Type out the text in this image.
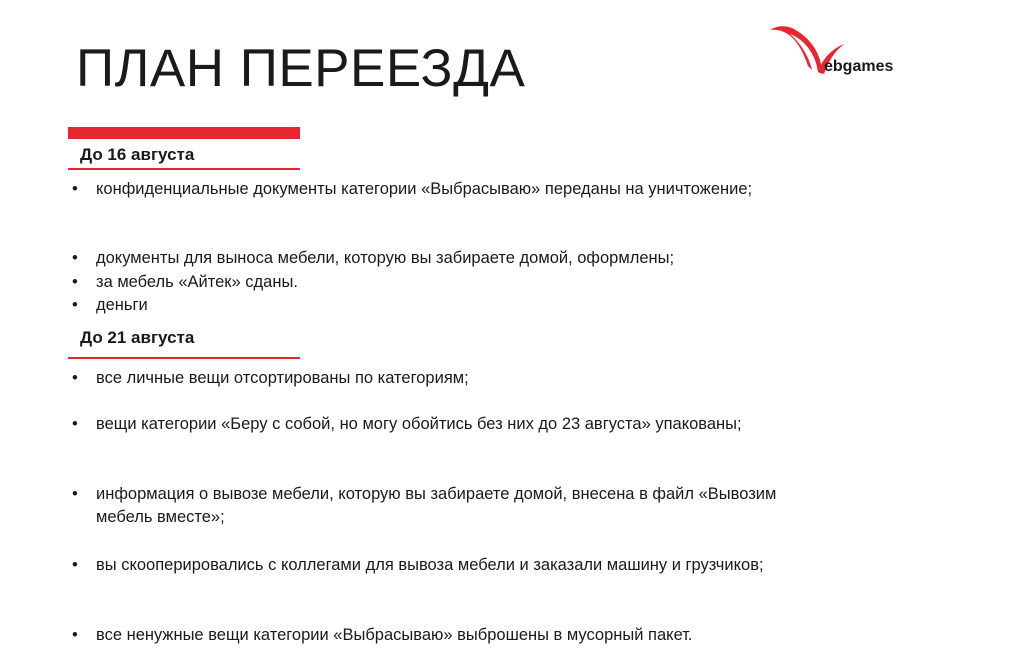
ПЛАН ПЕРЕЕЗДА	ebgames
До 16 августа
• конфиденциальные документы категории «Выбрасываю» переданы на уничтожение;
• документы для выноса мебели, которую вы забираете домой, оформлены;
• за мебель «Айтек» сданы.
• деньги
До 21 августа
• все личные вещи отсортированы по категориям;
• вещи категории «Беру с собой, но могу обойтись без них до 23 августа» упакованы;
• информация о вывозе мебели, которую вы забираете домой, внесена в файл «Вывозим мебель вместе»;
• вы скооперировались с коллегами для вывоза мебели и заказали машину и грузчиков;
• все ненужные вещи категории «Выбрасываю» выброшены в мусорный пакет.
